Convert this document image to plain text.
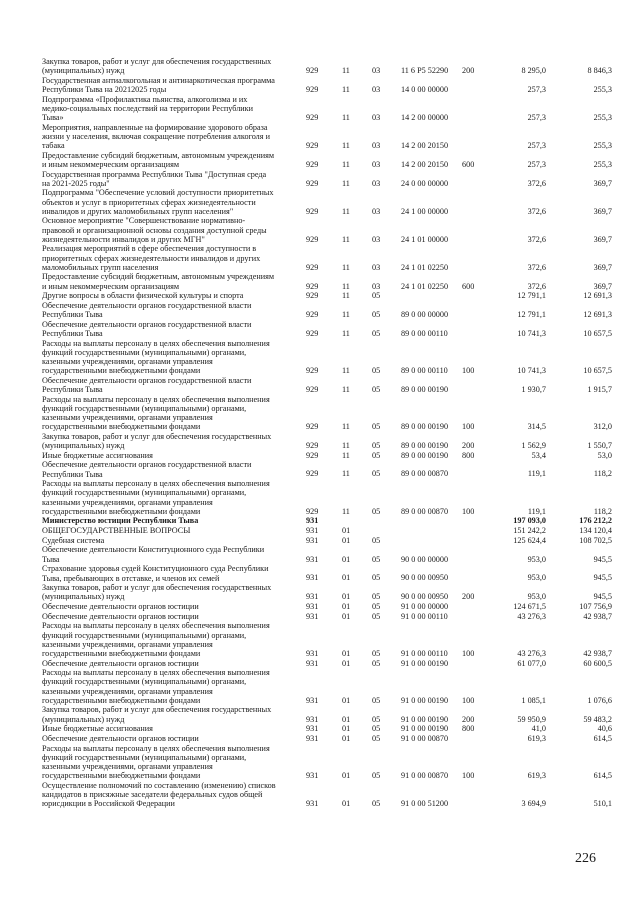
Закупка товаров, работ и услуг для обеспечения государственных
(муниципальных) нужд	929	11	03	11 6 P5 52290	200	8 295,0	8 846,3
Государственная антиалкогольная и антинаркотическая программа
Республики Тыва на 20212025 годы	929	11	03	14 0 00 00000	257,3	255,3
Подпрограмма «Профилактика пьянства, алкоголизма и их
медико-социальных последствий на территории Республики
Тыва»	929	11	03	14 2 00 00000	257,3	255,3
Мероприятия, направленные на формирование здорового образа
жизни у населения, включая сокращение потребления алкоголя и
табака	929	11	03	14 2 00 20150	257,3	255,3
Предоставление субсидий бюджетным, автономным учреждениям
и иным некоммерческим организациям	929	11	03	14 2 00 20150	600	257,3	255,3
Государственная программа Республики Тыва "Доступная среда
на 2021-2025 годы"	929	11	03	24 0 00 00000	372,6	369,7
Подпрограмма "Обеспечение условий доступности приоритетных
объектов и услуг в приоритетных сферах жизнедеятельности
инвалидов и других маломобильных групп населения"	929	11	03	24 1 00 00000	372,6	369,7
Основное мероприятие "Совершенствование нормативно-
правовой и организационной основы создания доступной среды
жизнедеятельности инвалидов и других МГН"	929	11	03	24 1 01 00000	372,6	369,7
Реализация мероприятий в сфере обеспечения доступности в
приоритетных сферах жизнедеятельности инвалидов и других
маломобильных групп населения	929	11	03	24 1 01 02250	372,6	369,7
Предоставление субсидий бюджетным, автономным учреждениям
и иным некоммерческим организациям	929	11	03	24 1 01 02250	600	372,6	369,7
Другие вопросы в области физической культуры и спорта	929	11	05	12 791,1	12 691,3
Обеспечение деятельности органов государственной власти
Республики Тыва	929	11	05	89 0 00 00000	12 791,1	12 691,3
Обеспечение деятельности органов государственной власти
Республики Тыва	929	11	05	89 0 00 00110	10 741,3	10 657,5
Расходы на выплаты персоналу в целях обеспечения выполнения
функций государственными (муниципальными) органами,
казенными учреждениями, органами управления
государственными внебюджетными фондами	929	11	05	89 0 00 00110	100	10 741,3	10 657,5
Обеспечение деятельности органов государственной власти
Республики Тыва	929	11	05	89 0 00 00190	1 930,7	1 915,7
Расходы на выплаты персоналу в целях обеспечения выполнения
функций государственными (муниципальными) органами,
казенными учреждениями, органами управления
государственными внебюджетными фондами	929	11	05	89 0 00 00190	100	314,5	312,0
Закупка товаров, работ и услуг для обеспечения государственных
(муниципальных) нужд	929	11	05	89 0 00 00190	200	1 562,9	1 550,7
Иные бюджетные ассигнования	929	11	05	89 0 00 00190	800	53,4	53,0
Обеспечение деятельности органов государственной власти
Республики Тыва	929	11	05	89 0 00 00870	119,1	118,2
Расходы на выплаты персоналу в целях обеспечения выполнения
функций государственными (муниципальными) органами,
казенными учреждениями, органами управления
государственными внебюджетными фондами	929	11	05	89 0 00 00870	100	119,1	118,2
Министерство юстиции Республики Тыва	931	197 093,0	176 212,2
ОБЩЕГОСУДАРСТВЕННЫЕ ВОПРОСЫ	931	01	151 242,2	134 120,4
Судебная система	931	01	05	125 624,4	108 702,5
Обеспечение деятельности Конституционного суда Республики
Тыва	931	01	05	90 0 00 00000	953,0	945,5
Страхование здоровья судей Конституционного суда Республики
Тыва, пребывающих в отставке, и членов их семей	931	01	05	90 0 00 00950	953,0	945,5
Закупка товаров, работ и услуг для обеспечения государственных
(муниципальных) нужд	931	01	05	90 0 00 00950	200	953,0	945,5
Обеспечение деятельности органов юстиции	931	01	05	91 0 00 00000	124 671,5	107 756,9
Обеспечение деятельности органов юстиции	931	01	05	91 0 00 00110	43 276,3	42 938,7
Расходы на выплаты персоналу в целях обеспечения выполнения
функций государственными (муниципальными) органами,
казенными учреждениями, органами управления
государственными внебюджетными фондами	931	01	05	91 0 00 00110	100	43 276,3	42 938,7
Обеспечение деятельности органов юстиции	931	01	05	91 0 00 00190	61 077,0	60 600,5
Расходы на выплаты персоналу в целях обеспечения выполнения
функций государственными (муниципальными) органами,
казенными учреждениями, органами управления
государственными внебюджетными фондами	931	01	05	91 0 00 00190	100	1 085,1	1 076,6
Закупка товаров, работ и услуг для обеспечения государственных
(муниципальных) нужд	931	01	05	91 0 00 00190	200	59 950,9	59 483,2
Иные бюджетные ассигнования	931	01	05	91 0 00 00190	800	41,0	40,6
Обеспечение деятельности органов юстиции	931	01	05	91 0 00 00870	619,3	614,5
Расходы на выплаты персоналу в целях обеспечения выполнения
функций государственными (муниципальными) органами,
казенными учреждениями, органами управления
государственными внебюджетными фондами	931	01	05	91 0 00 00870	100	619,3	614,5
Осуществление полномочий по составлению (изменению) списков
кандидатов в присяжные заседатели федеральных судов общей
юрисдикции в Российской Федерации	931	01	05	91 0 00 51200	3 694,9	510,1
226
